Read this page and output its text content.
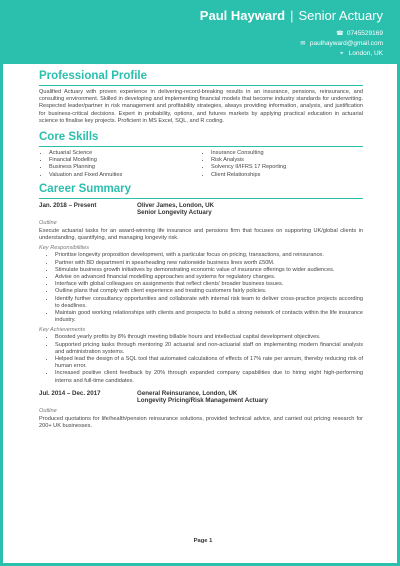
Paul Hayward | Senior Actuary
☎ 0745529169
✉ paulhayward@gmail.com
⌖ London, UK
Professional Profile

Qualified Actuary with proven experience in delivering-record-breaking results in an insurance, pensions, reinsurance, and consulting environment. Skilled in developing and implementing financial models that become industry standards for underwriting. Respected leader/partner in risk management and profitability strategies, always providing information, analysis, and justification for business-critical decisions. Expert in probability, options, and futures markets by applying practical education in actuarial science to finalise key projects. Proficient in MS Excel, SQL, and R coding.

Core Skills
• Actuarial Science
• Financial Modelling
• Business Planning
• Valuation and Fixed Annuities
• Insurance Consulting
• Risk Analysis
• Solvency II/IFRS 17 Reporting
• Client Relationships
Career Summary
Jan. 2018 – Present	Oliver James, London, UK
Senior Longevity Actuary
Outline

Execute actuarial tasks for an award-winning life insurance and pensions firm that focuses on supporting UK/global clients in understanding, quantifying, and managing longevity risk.

Key Responsibilities
• Prioritise longevity proposition development, with a particular focus on pricing, transactions, and reinsurance.
• Partner with BD department in spearheading new nationwide business lines worth £50M.
• Stimulate business growth initiatives by demonstrating economic value of insurance offerings to wider audiences.
• Advise on advanced financial modelling approaches and systems for regulatory changes.
• Interface with global colleagues on assignments that reflect clients' broader business issues.
• Outline plans that comply with client experience and treating customers fairly policies.
• Identify further consultancy opportunities and collaborate with internal risk team to deliver cross-practice projects according to deadlines.
• Maintain good working relationships with clients and prospects to build a strong network of contacts within the life insurance industry.
Key Achievements
• Boosted yearly profits by 8% through meeting billable hours and intellectual capital development objectives.
• Supported pricing tasks through mentoring 20 actuarial and non-actuarial staff on implementing modern financial analysis and administration systems.
• Helped lead the design of a SQL tool that automated calculations of effects of 17% rate per annum, thereby reducing risk of human error.
• Increased positive client feedback by 20% through expanded company capabilities due to hiring eight high-performing interns and full-time candidates.
Jul. 2014 – Dec. 2017	General Reinsurance, London, UK
Longevity Pricing/Risk Management Actuary
Outline

Produced quotations for life/health/pension reinsurance solutions, provided technical advice, and carried out pricing research for 200+ UK businesses.

Page 1
